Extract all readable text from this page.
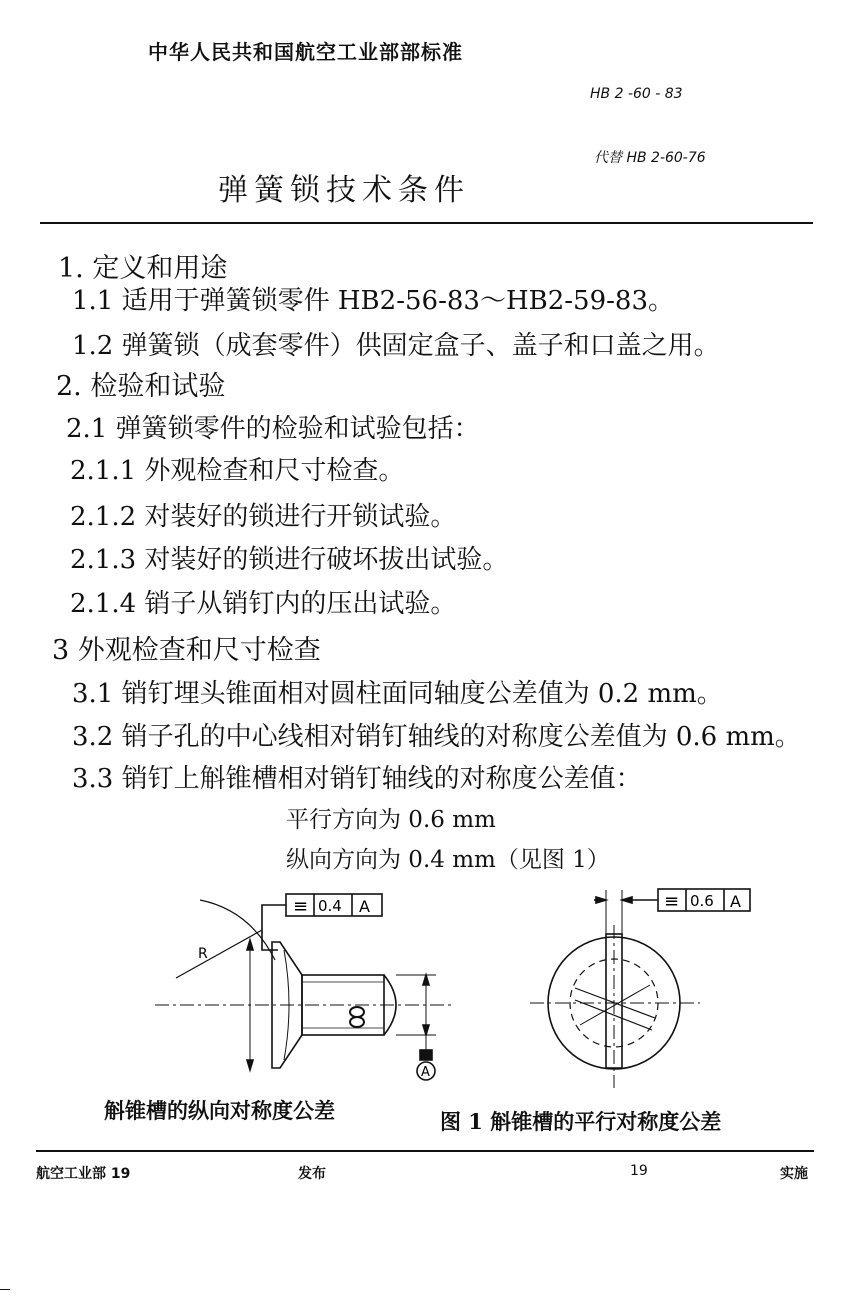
中华人民共和国航空工业部部标准
HB 2 -60 - 83
代替 HB 2-60-76
弹簧锁技术条件
1. 定义和用途
1.1 适用于弹簧锁零件 HB2-56-83～HB2-59-83。
1.2 弹簧锁（成套零件）供固定盒子、盖子和口盖之用。
2. 检验和试验
2.1 弹簧锁零件的检验和试验包括：
2.1.1 外观检查和尺寸检查。
2.1.2 对装好的锁进行开锁试验。
2.1.3 对装好的锁进行破坏拔出试验。
2.1.4 销子从销钉内的压出试验。
3 外观检查和尺寸检查
3.1 销钉埋头锥面相对圆柱面同轴度公差值为 0.2 mm。
3.2 销子孔的中心线相对销钉轴线的对称度公差值为 0.6 mm。
3.3 销钉上斛锥槽相对销钉轴线的对称度公差值：
平行方向为 0.6 mm
纵向方向为 0.4 mm（见图 1）
≡ 0.4 A
R
A
≡ 0.6 A
斛锥槽的纵向对称度公差	图 1 斛锥槽的平行对称度公差
航空工业部 19	发布	19	实施
